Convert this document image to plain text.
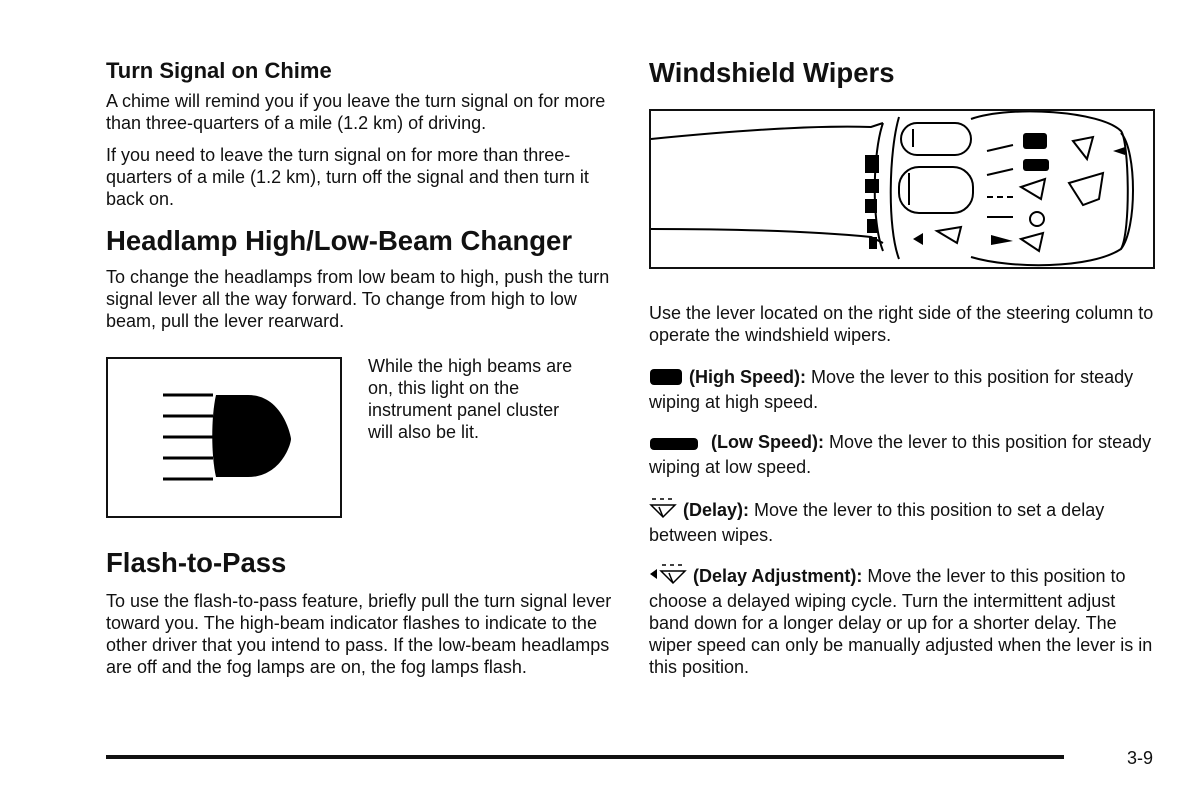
Turn Signal on Chime

A chime will remind you if you leave the turn signal on for more than three-quarters of a mile (1.2 km) of driving.

If you need to leave the turn signal on for more than three-quarters of a mile (1.2 km), turn off the signal and then turn it back on.

Headlamp High/Low-Beam Changer

To change the headlamps from low beam to high, push the turn signal lever all the way forward. To change from high to low beam, pull the lever rearward.

While the high beams are on, this light on the instrument panel cluster will also be lit.

Flash-to-Pass

To use the flash-to-pass feature, briefly pull the turn signal lever toward you. The high-beam indicator flashes to indicate to the other driver that you intend to pass. If the low-beam headlamps are off and the fog lamps are on, the fog lamps flash.

Windshield Wipers

Use the lever located on the right side of the steering column to operate the windshield wipers.

(High Speed): Move the lever to this position for steady wiping at high speed.

(Low Speed): Move the lever to this position for steady wiping at low speed.

(Delay): Move the lever to this position to set a delay between wipes.

(Delay Adjustment): Move the lever to this position to choose a delayed wiping cycle. Turn the intermittent adjust band down for a longer delay or up for a shorter delay. The wiper speed can only be manually adjusted when the lever is in this position.

3-9
